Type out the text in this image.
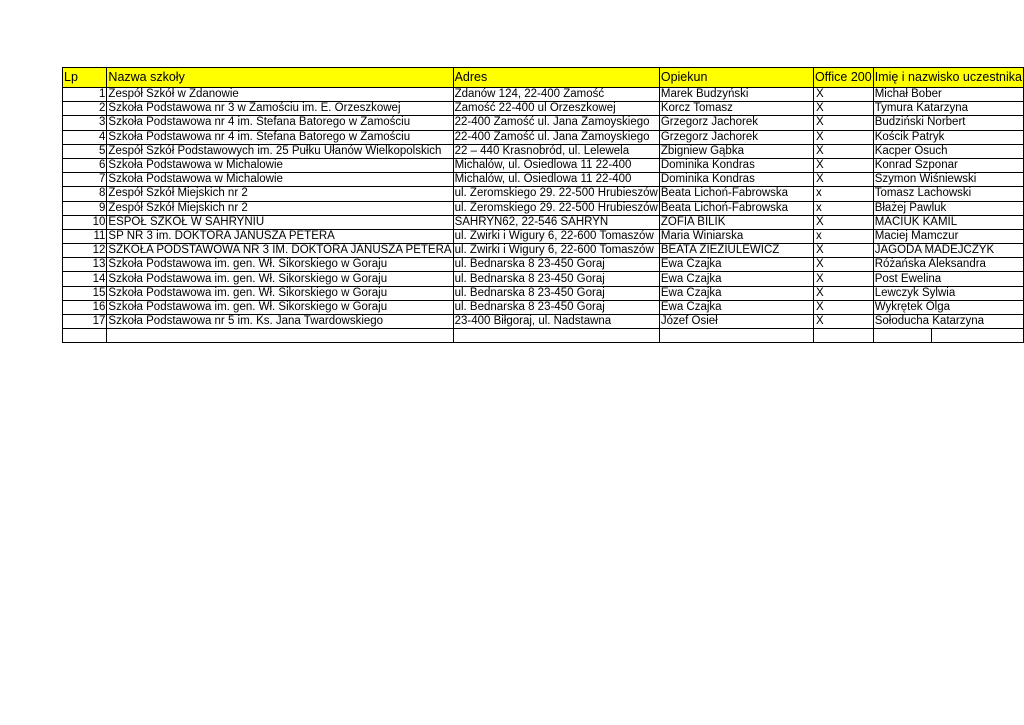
Lp	Nazwa szkoły	Adres	Opiekun	Office 200	Imię i nazwisko uczestnika	
1	Zespół Szkół w Żdanowie	Żdanów 124, 22-400 Zamość	Marek Budzyński	X	Michał Bober	
2	Szkoła Podstawowa nr 3 w Zamościu im. E. Orzeszkowej	Zamość 22-400 ul Orzeszkowej	Korcz Tomasz	X	Tymura Katarzyna	
3	Szkoła Podstawowa nr 4 im. Stefana Batorego w Zamościu	22-400 Zamość ul. Jana Zamoyskiego	Grzegorz Jachorek	X	Budziński Norbert	
4	Szkoła Podstawowa nr 4 im. Stefana Batorego w Zamościu	22-400 Zamość ul. Jana Zamoyskiego	Grzegorz Jachorek	X	Kościk Patryk	
5	Zespół Szkół Podstawowych im. 25 Pułku Ułanów Wielkopolskich	22 – 440 Krasnobród, ul. Lelewela	Zbigniew Gąbka	X	Kacper Osuch	
6	Szkoła Podstawowa w Michalowie	Michalów, ul. Osiedlowa 11 22-400	Dominika Kondras	X	Konrad Szponar	
7	Szkoła Podstawowa w Michalowie	Michalów, ul. Osiedlowa 11 22-400	Dominika Kondras	X	Szymon Wiśniewski	
8	Zespół Szkół Miejskich nr 2	ul. Żeromskiego 29. 22-500 Hrubieszów	Beata Lichoń-Fabrowska	x	Tomasz Lachowski	
9	Zespół Szkół Miejskich nr 2	ul. Żeromskiego 29. 22-500 Hrubieszów	Beata Lichoń-Fabrowska	x	Błażej Pawluk	
10	ESPÓŁ SZKÓŁ W SAHRYNIU	SAHRYN62, 22-546 SAHRYŃ	ZOFIA BILIK	X	MACIUK KAMIL	
11	SP NR 3 im. DOKTORA JANUSZA PETERA	ul. Żwirki i Wigury 6, 22-600 Tomaszów	Maria Winiarska	x	Maciej Mamczur	
12	SZKOŁA PODSTAWOWA NR 3 IM. DOKTORA JANUSZA PETERA	ul. Żwirki i Wigury 6, 22-600 Tomaszów	BEATA ZIEZIULEWICZ	X	JAGODA MADEJCZYK	
13	Szkoła Podstawowa im. gen. Wł. Sikorskiego w Goraju	ul. Bednarska 8 23-450 Goraj	Ewa Czajka	X	Różańska Aleksandra	
14	Szkoła Podstawowa im. gen. Wł. Sikorskiego w Goraju	ul. Bednarska 8 23-450 Goraj	Ewa Czajka	X	Post Ewelina	
15	Szkoła Podstawowa im. gen. Wł. Sikorskiego w Goraju	ul. Bednarska 8 23-450 Goraj	Ewa Czajka	X	Lewczyk Sylwia	
16	Szkoła Podstawowa im. gen. Wł. Sikorskiego w Goraju	ul. Bednarska 8 23-450 Goraj	Ewa Czajka	X	Wykrętek Olga	
17	Szkoła Podstawowa nr 5 im. Ks. Jana Twardowskiego	23-400 Biłgoraj, ul. Nadstawna	Józef Osieł	X	Sołoducha Katarzyna	
